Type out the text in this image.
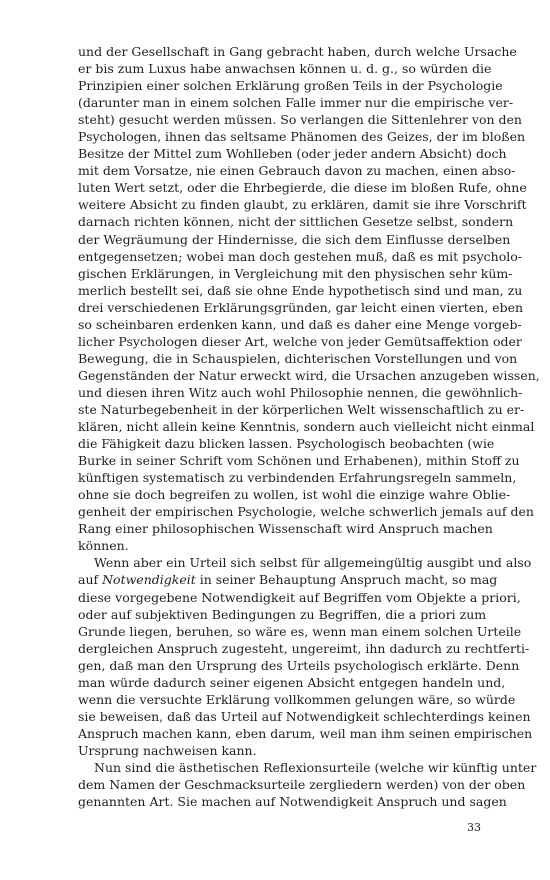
und der Gesellschaft in Gang gebracht haben, durch welche Ursache
er bis zum Luxus habe anwachsen können u. d. g., so würden die
Prinzipien einer solchen Erklärung großen Teils in der Psychologie
(darunter man in einem solchen Falle immer nur die empirische ver-
steht) gesucht werden müssen. So verlangen die Sittenlehrer von den
Psychologen, ihnen das seltsame Phänomen des Geizes, der im bloßen
Besitze der Mittel zum Wohlleben (oder jeder andern Absicht) doch
mit dem Vorsatze, nie einen Gebrauch davon zu machen, einen abso-
luten Wert setzt, oder die Ehrbegierde, die diese im bloßen Rufe, ohne
weitere Absicht zu finden glaubt, zu erklären, damit sie ihre Vorschrift
darnach richten können, nicht der sittlichen Gesetze selbst, sondern
der Wegräumung der Hindernisse, die sich dem Einflusse derselben
entgegensetzen; wobei man doch gestehen muß, daß es mit psycholo-
gischen Erklärungen, in Vergleichung mit den physischen sehr küm-
merlich bestellt sei, daß sie ohne Ende hypothetisch sind und man, zu
drei verschiedenen Erklärungsgründen, gar leicht einen vierten, eben
so scheinbaren erdenken kann, und daß es daher eine Menge vorgeb-
licher Psychologen dieser Art, welche von jeder Gemütsaffektion oder
Bewegung, die in Schauspielen, dichterischen Vorstellungen und von
Gegenständen der Natur erweckt wird, die Ursachen anzugeben wissen,
und diesen ihren Witz auch wohl Philosophie nennen, die gewöhnlich-
ste Naturbegebenheit in der körperlichen Welt wissenschaftlich zu er-
klären, nicht allein keine Kenntnis, sondern auch vielleicht nicht einmal
die Fähigkeit dazu blicken lassen. Psychologisch beobachten (wie
Burke in seiner Schrift vom Schönen und Erhabenen), mithin Stoff zu
künftigen systematisch zu verbindenden Erfahrungsregeln sammeln,
ohne sie doch begreifen zu wollen, ist wohl die einzige wahre Oblie-
genheit der empirischen Psychologie, welche schwerlich jemals auf den
Rang einer philosophischen Wissenschaft wird Anspruch machen
können.
Wenn aber ein Urteil sich selbst für allgemeingültig ausgibt und also
auf Notwendigkeit in seiner Behauptung Anspruch macht, so mag
diese vorgegebene Notwendigkeit auf Begriffen vom Objekte a priori,
oder auf subjektiven Bedingungen zu Begriffen, die a priori zum
Grunde liegen, beruhen, so wäre es, wenn man einem solchen Urteile
dergleichen Anspruch zugesteht, ungereimt, ihn dadurch zu rechtferti-
gen, daß man den Ursprung des Urteils psychologisch erklärte. Denn
man würde dadurch seiner eigenen Absicht entgegen handeln und,
wenn die versuchte Erklärung vollkommen gelungen wäre, so würde
sie beweisen, daß das Urteil auf Notwendigkeit schlechterdings keinen
Anspruch machen kann, eben darum, weil man ihm seinen empirischen
Ursprung nachweisen kann.
Nun sind die ästhetischen Reflexionsurteile (welche wir künftig unter
dem Namen der Geschmacksurteile zergliedern werden) von der oben
genannten Art. Sie machen auf Notwendigkeit Anspruch und sagen
33
